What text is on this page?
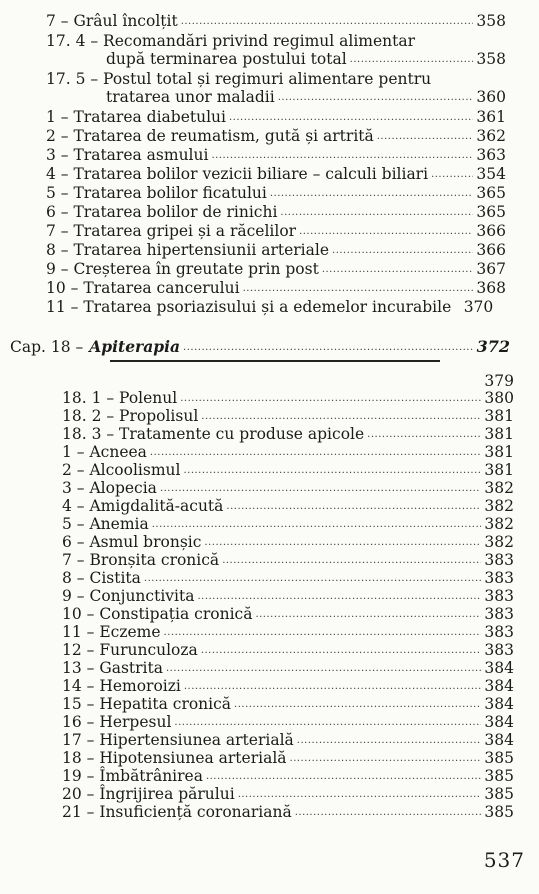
7 – Grâul încolțit .....	358
17. 4 – Recomandări privind regimul alimentar
după terminarea postului total .....	358
17. 5 – Postul total și regimuri alimentare pentru
tratarea unor maladii .....	360
1 – Tratarea diabetului .....	361
2 – Tratarea de reumatism, gută și artrită .....	362
3 – Tratarea asmului .....	363
4 – Tratarea bolilor vezicii biliare – calculi biliari .....	354
5 – Tratarea bolilor ficatului .....	365
6 – Tratarea bolilor de rinichi .....	365
7 – Tratarea gripei și a răcelilor .....	366
8 – Tratarea hipertensiunii arteriale .....	366
9 – Creșterea în greutate prin post .....	367
10 – Tratarea cancerului .....	368
11 – Tratarea psoriazisului și a edemelor incurabile 370
Cap. 18 – Apiterapia .....	372
379
18. 1 – Polenul .....	380
18. 2 – Propolisul .....	381
18. 3 – Tratamente cu produse apicole .....	381
1 – Acneea .....	381
2 – Alcoolismul .....	381
3 – Alopecia .....	382
4 – Amigdalită-acută .....	382
5 – Anemia .....	382
6 – Asmul bronșic .....	382
7 – Bronșita cronică .....	383
8 – Cistita .....	383
9 – Conjunctivita .....	383
10 – Constipația cronică .....	383
11 – Eczeme .....	383
12 – Furunculoza .....	383
13 – Gastrita .....	384
14 – Hemoroizi .....	384
15 – Hepatita cronică .....	384
16 – Herpesul .....	384
17 – Hipertensiunea arterială .....	384
18 – Hipotensiunea arterială .....	385
19 – Îmbătrânirea .....	385
20 – Îngrijirea părului .....	385
21 – Insuficiență coronariană .....	385
537
